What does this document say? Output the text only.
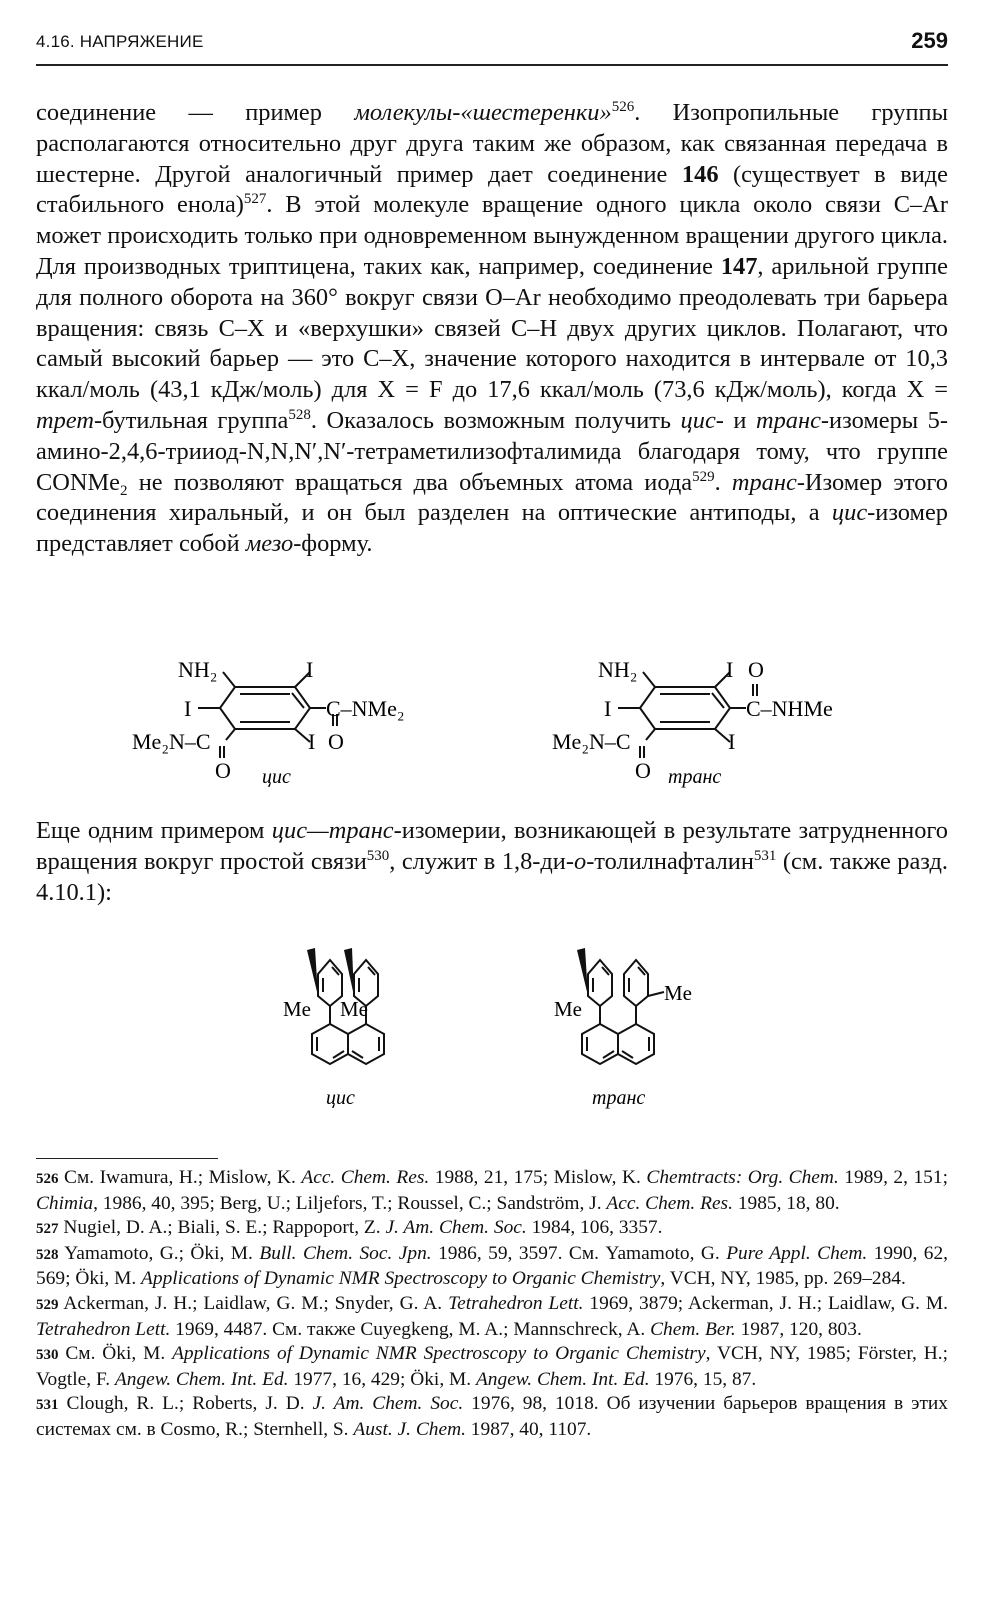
4.16. НАПРЯЖЕНИЕ	259

соединение — пример молекулы-«шестеренки»$^{526}$. Изопропильные группы располагаются относительно друг друга таким же образом, как связанная передача в шестерне. Другой аналогичный пример дает соединение 146 (существует в виде стабильного енола)$^{527}$. В этой молекуле вращение одного цикла около связи C–Ar может происходить только при одновременном вынужденном вращении другого цикла. Для производных триптицена, таких как, например, соединение 147, арильной группе для полного оборота на 360° вокруг связи O–Ar необходимо преодолевать три барьера вращения: связь C–X и «верхушки» связей C–H двух других циклов. Полагают, что самый высокий барьер — это C–X, значение которого находится в интервале от 10,3 ккал/моль (43,1 кДж/моль) для X = F до 17,6 ккал/моль (73,6 кДж/моль), когда X = трет-бутильная группа$^{528}$. Оказалось возможным получить цис- и транс-изомеры 5-амино-2,4,6-трииод-N,N,N′,N′-тетраметилизофталимида благодаря тому, что группе CONMe$_2$ не позволяют вращаться два объемных атома иода$^{529}$. транс-Изомер этого соединения хиральный, и он был разделен на оптические антиподы, а цис-изомер представляет собой мезо-форму.

NH₂	I
I	C–NMe₂
I O
Me₂N–C
O цис
NH₂	I O
I	C–NHMe
I
Me₂N–C
O транс

Еще одним примером цис—транс-изомерии, возникающей в результате затрудненного вращения вокруг простой связи$^{530}$, служит в 1,8-ди-о-толилнафталин$^{531}$ (см. также разд. 4.10.1):

Me Me
цис
Me
Me
транс

526 См. Iwamura, H.; Mislow, K. Acc. Chem. Res. 1988, 21, 175; Mislow, K. Chemtracts: Org. Chem. 1989, 2, 151; Chimia, 1986, 40, 395; Berg, U.; Liljefors, T.; Roussel, C.; Sandström, J. Acc. Chem. Res. 1985, 18, 80.

527 Nugiel, D. A.; Biali, S. E.; Rappoport, Z. J. Am. Chem. Soc. 1984, 106, 3357.

528 Yamamoto, G.; Öki, M. Bull. Chem. Soc. Jpn. 1986, 59, 3597. См. Yamamoto, G. Pure Appl. Chem. 1990, 62, 569; Öki, M. Applications of Dynamic NMR Spectroscopy to Organic Chemistry, VCH, NY, 1985, pp. 269–284.

529 Ackerman, J. H.; Laidlaw, G. M.; Snyder, G. A. Tetrahedron Lett. 1969, 3879; Ackerman, J. H.; Laidlaw, G. M. Tetrahedron Lett. 1969, 4487. См. также Cuyegkeng, M. A.; Mannschreck, A. Chem. Ber. 1987, 120, 803.

530 См. Öki, M. Applications of Dynamic NMR Spectroscopy to Organic Chemistry, VCH, NY, 1985; Förster, H.; Vogtle, F. Angew. Chem. Int. Ed. 1977, 16, 429; Öki, M. Angew. Chem. Int. Ed. 1976, 15, 87.

531 Clough, R. L.; Roberts, J. D. J. Am. Chem. Soc. 1976, 98, 1018. Об изучении барьеров вращения в этих системах см. в Cosmo, R.; Sternhell, S. Aust. J. Chem. 1987, 40, 1107.
